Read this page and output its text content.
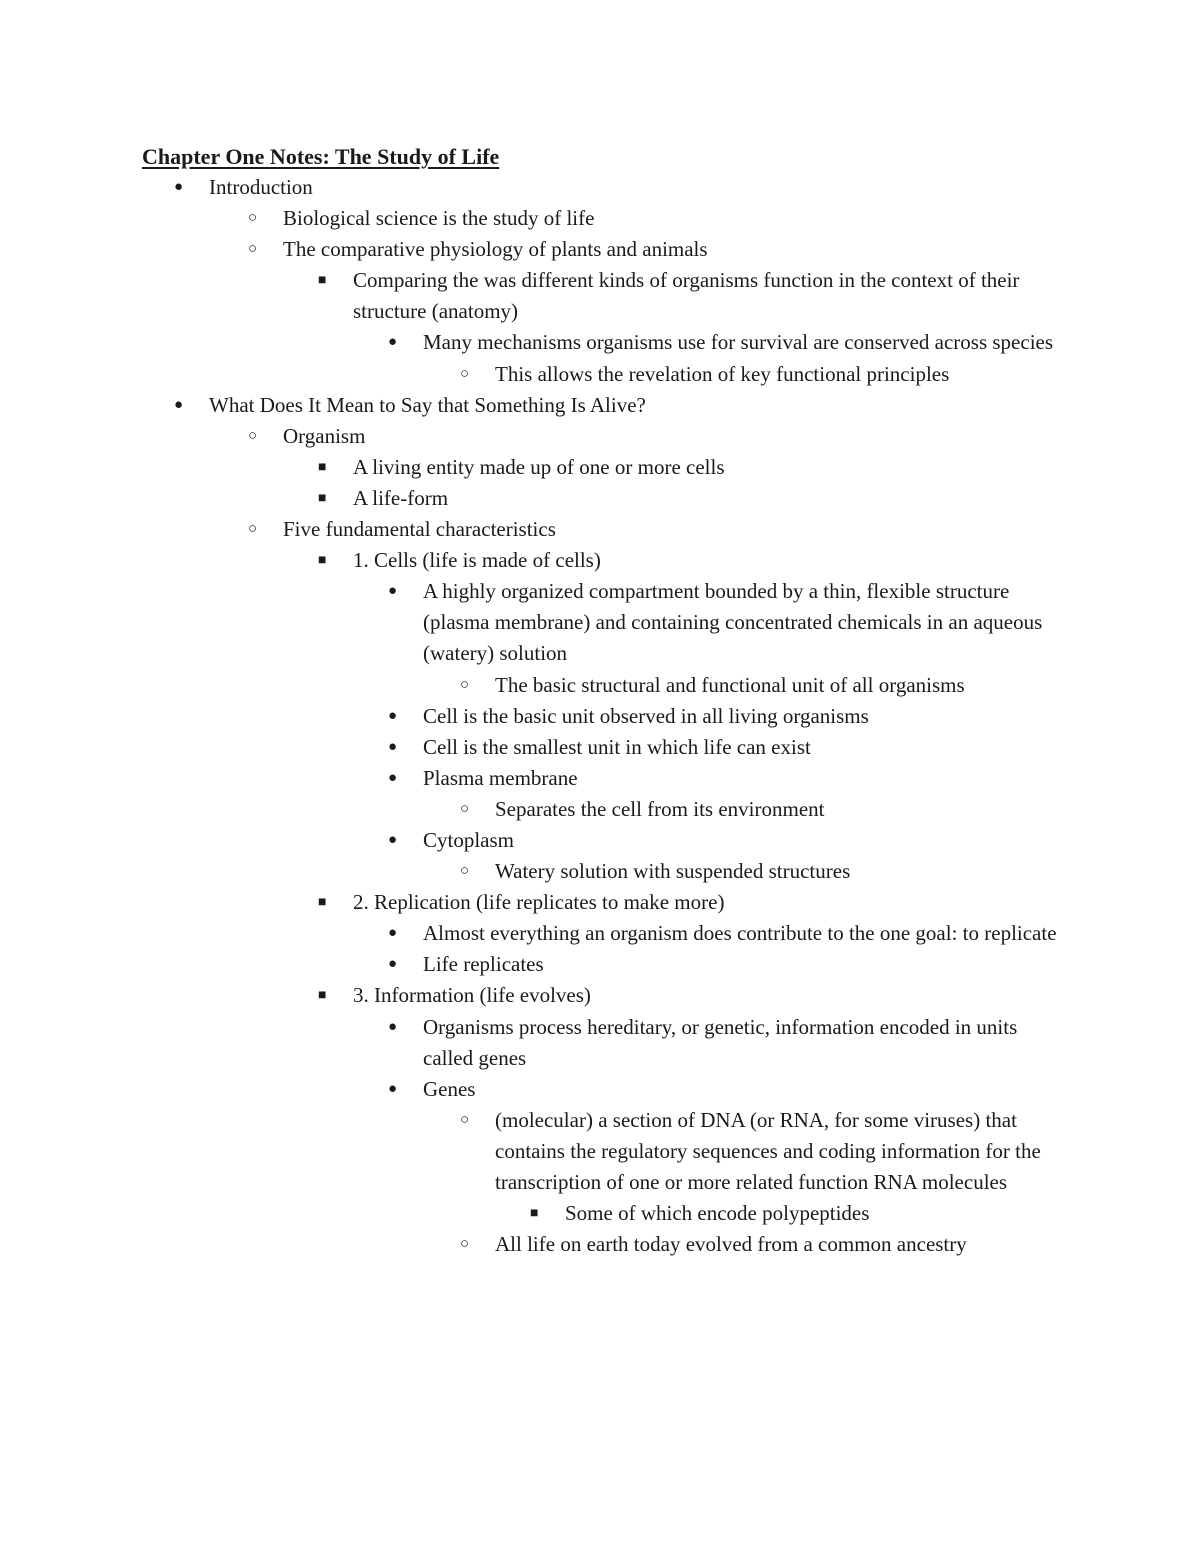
Chapter One Notes: The Study of Life
●	Introduction
○	Biological science is the study of life
○	The comparative physiology of plants and animals
■	Comparing the was different kinds of organisms function in the context of their structure (anatomy)
●	Many mechanisms organisms use for survival are conserved across species
○	This allows the revelation of key functional principles
●	What Does It Mean to Say that Something Is Alive?
○	Organism
■	A living entity made up of one or more cells
■	A life-form
○	Five fundamental characteristics
■	1. Cells (life is made of cells)
●	A highly organized compartment bounded by a thin, flexible structure (plasma membrane) and containing concentrated chemicals in an aqueous (watery) solution
○	The basic structural and functional unit of all organisms
●	Cell is the basic unit observed in all living organisms
●	Cell is the smallest unit in which life can exist
●	Plasma membrane
○	Separates the cell from its environment
●	Cytoplasm
○	Watery solution with suspended structures
■	2. Replication (life replicates to make more)
●	Almost everything an organism does contribute to the one goal: to replicate
●	Life replicates
■	3. Information (life evolves)
●	Organisms process hereditary, or genetic, information encoded in units called genes
●	Genes
○	(molecular) a section of DNA (or RNA, for some viruses) that contains the regulatory sequences and coding information for the transcription of one or more related function RNA molecules
■	Some of which encode polypeptides
○	All life on earth today evolved from a common ancestry
